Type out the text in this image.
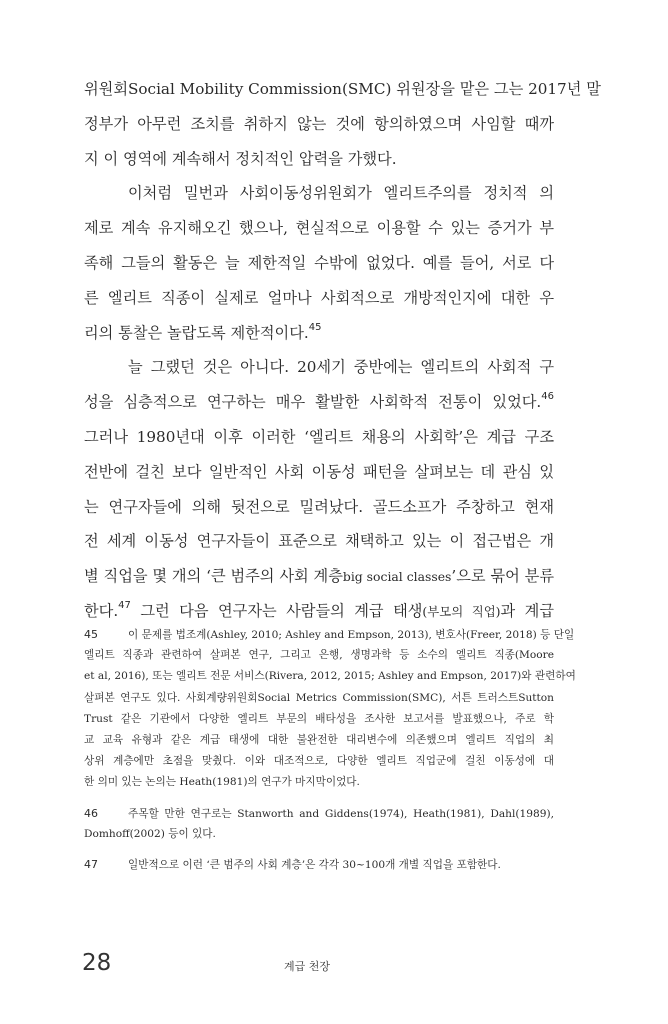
위원회Social Mobility Commission(SMC) 위원장을 맡은 그는 2017년 말
정부가 아무런 조치를 취하지 않는 것에 항의하였으며 사임할 때까
지 이 영역에 계속해서 정치적인 압력을 가했다.
이처럼 밀번과 사회이동성위원회가 엘리트주의를 정치적 의
제로 계속 유지해오긴 했으나, 현실적으로 이용할 수 있는 증거가 부
족해 그들의 활동은 늘 제한적일 수밖에 없었다. 예를 들어, 서로 다
른 엘리트 직종이 실제로 얼마나 사회적으로 개방적인지에 대한 우
리의 통찰은 놀랍도록 제한적이다.$^{45}$
늘 그랬던 것은 아니다. 20세기 중반에는 엘리트의 사회적 구
성을 심층적으로 연구하는 매우 활발한 사회학적 전통이 있었다.$^{46}$
그러나 1980년대 이후 이러한 ‘엘리트 채용의 사회학’은 계급 구조
전반에 걸친 보다 일반적인 사회 이동성 패턴을 살펴보는 데 관심 있
는 연구자들에 의해 뒷전으로 밀려났다. 골드소프가 주창하고 현재
전 세계 이동성 연구자들이 표준으로 채택하고 있는 이 접근법은 개
별 직업을 몇 개의 ‘큰 범주의 사회 계층big social classes’으로 묶어 분류
한다.$^{47}$ 그런 다음 연구자는 사람들의 계급 태생(부모의 직업)과 계급
45	이 문제를 법조계(Ashley, 2010; Ashley and Empson, 2013), 변호사(Freer, 2018) 등 단일
엘리트 직종과 관련하여 살펴본 연구, 그리고 은행, 생명과학 등 소수의 엘리트 직종(Moore
et al, 2016), 또는 엘리트 전문 서비스(Rivera, 2012, 2015; Ashley and Empson, 2017)와 관련하여
살펴본 연구도 있다. 사회계량위원회Social Metrics Commission(SMC), 서튼 트러스트Sutton
Trust 같은 기관에서 다양한 엘리트 부문의 배타성을 조사한 보고서를 발표했으나, 주로 학
교 교육 유형과 같은 계급 태생에 대한 불완전한 대리변수에 의존했으며 엘리트 직업의 최
상위 계층에만 초점을 맞췄다. 이와 대조적으로, 다양한 엘리트 직업군에 걸친 이동성에 대
한 의미 있는 논의는 Heath(1981)의 연구가 마지막이었다.
46	주목할 만한 연구로는 Stanworth and Giddens(1974), Heath(1981), Dahl(1989),
Domhoff(2002) 등이 있다.
47	일반적으로 이런 ‘큰 범주의 사회 계층’은 각각 30~100개 개별 직업을 포함한다.
28	계급 천장
